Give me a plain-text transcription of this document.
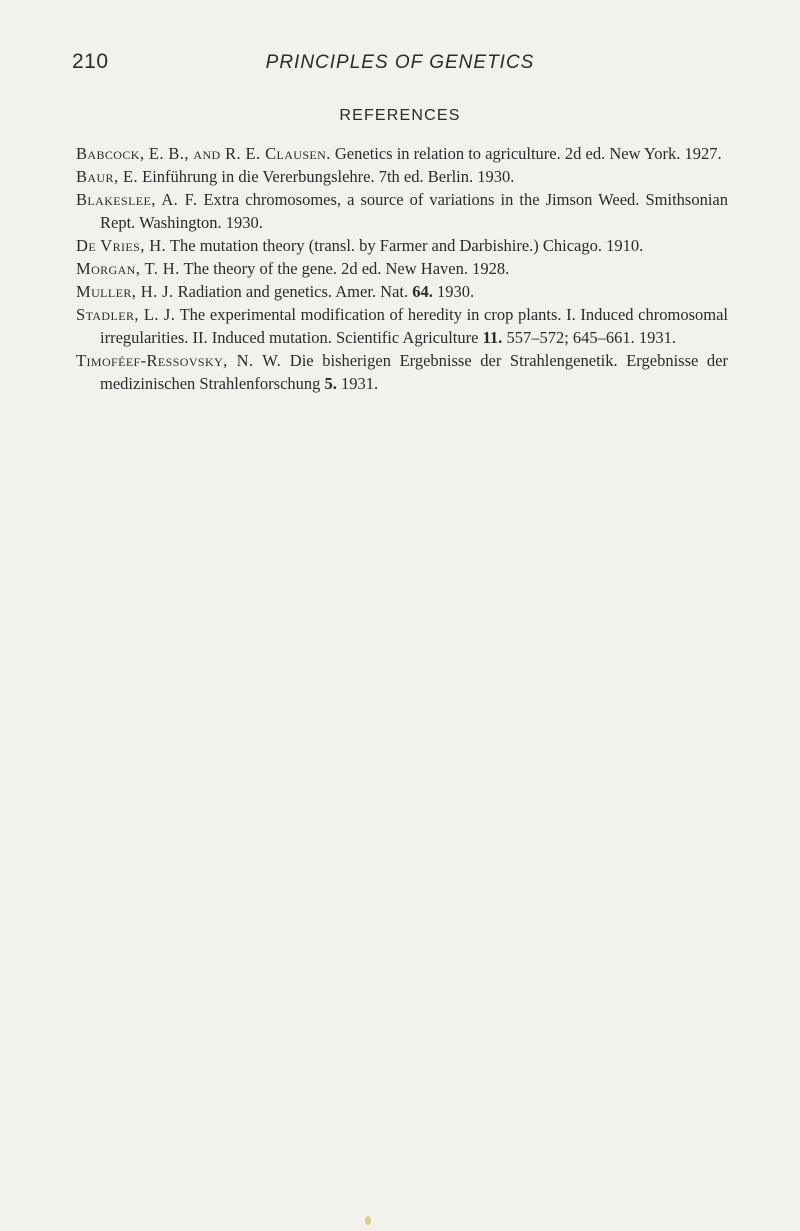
210	PRINCIPLES OF GENETICS
REFERENCES
Babcock, E. B., and R. E. Clausen. Genetics in relation to agriculture. 2d ed. New York. 1927.
Baur, E. Einführung in die Vererbungslehre. 7th ed. Berlin. 1930.
Blakeslee, A. F. Extra chromosomes, a source of variations in the Jimson Weed. Smithsonian Rept. Washington. 1930.
De Vries, H. The mutation theory (transl. by Farmer and Darbishire.) Chicago. 1910.
Morgan, T. H. The theory of the gene. 2d ed. New Haven. 1928.
Muller, H. J. Radiation and genetics. Amer. Nat. 64. 1930.
Stadler, L. J. The experimental modification of heredity in crop plants. I. Induced chromosomal irregularities. II. Induced mutation. Scientific Agriculture 11. 557–572; 645–661. 1931.
Timoféef-Ressovsky, N. W. Die bisherigen Ergebnisse der Strahlengenetik. Ergebnisse der medizinischen Strahlenforschung 5. 1931.
